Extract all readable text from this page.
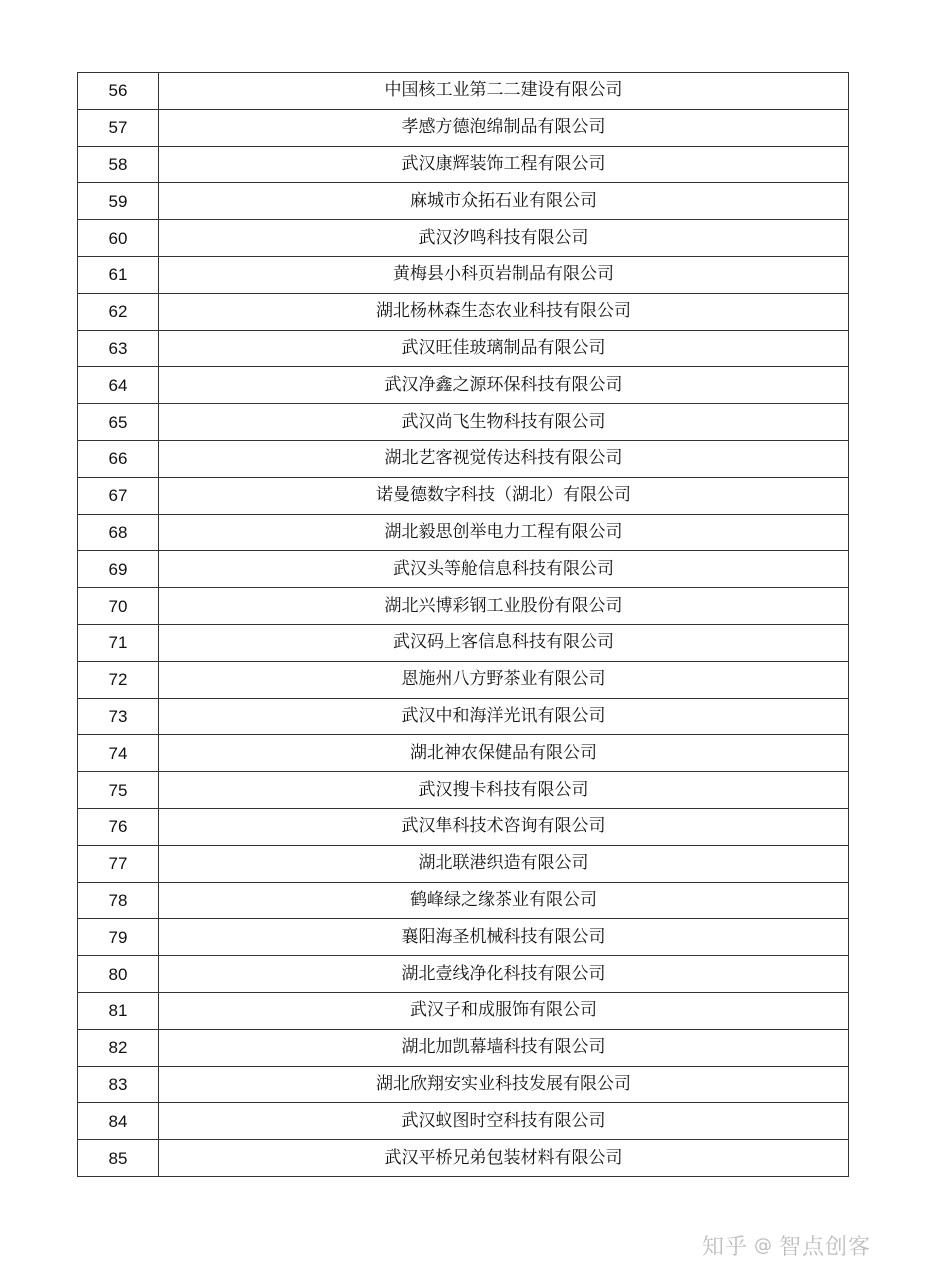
56	中国核工业第二二建设有限公司
57	孝感方德泡绵制品有限公司
58	武汉康辉装饰工程有限公司
59	麻城市众拓石业有限公司
60	武汉汐鸣科技有限公司
61	黄梅县小科页岩制品有限公司
62	湖北杨林森生态农业科技有限公司
63	武汉旺佳玻璃制品有限公司
64	武汉净鑫之源环保科技有限公司
65	武汉尚飞生物科技有限公司
66	湖北艺客视觉传达科技有限公司
67	诺曼德数字科技（湖北）有限公司
68	湖北毅思创举电力工程有限公司
69	武汉头等舱信息科技有限公司
70	湖北兴博彩钢工业股份有限公司
71	武汉码上客信息科技有限公司
72	恩施州八方野茶业有限公司
73	武汉中和海洋光讯有限公司
74	湖北神农保健品有限公司
75	武汉搜卡科技有限公司
76	武汉隼科技术咨询有限公司
77	湖北联港织造有限公司
78	鹤峰绿之缘茶业有限公司
79	襄阳海圣机械科技有限公司
80	湖北壹线净化科技有限公司
81	武汉子和成服饰有限公司
82	湖北加凯幕墙科技有限公司
83	湖北欣翔安实业科技发展有限公司
84	武汉蚁图时空科技有限公司
85	武汉平桥兄弟包装材料有限公司
知乎 @ 智点创客
